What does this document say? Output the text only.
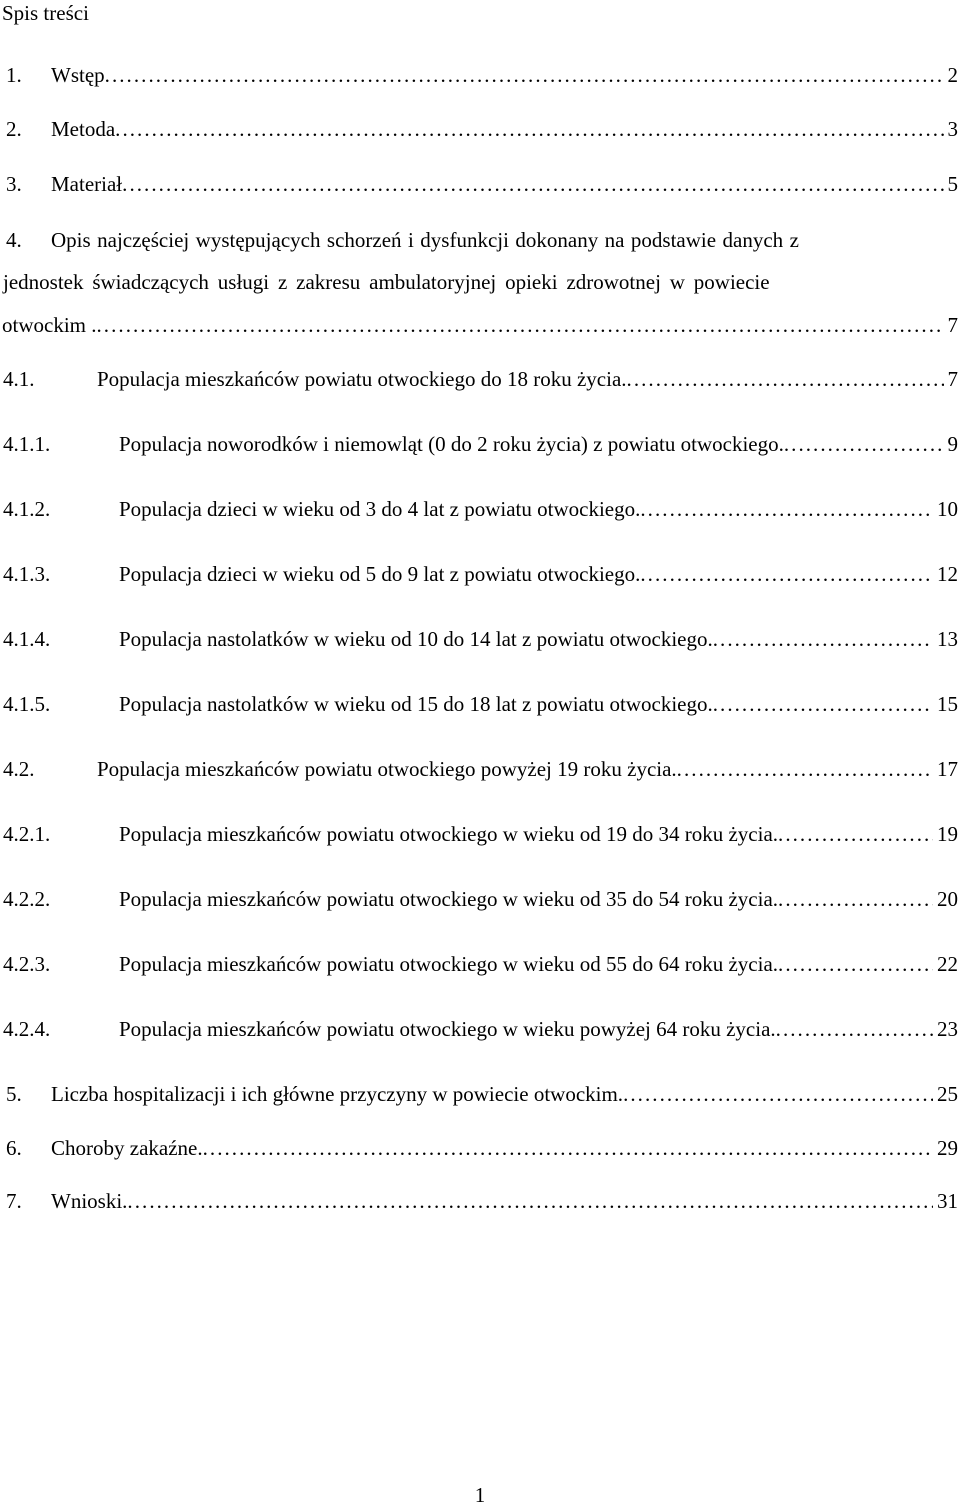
Spis treści
1. Wstęp . . .	2
2. Metoda . . .	3
3. Materiał . . .	5
4. Opis najczęściej występujących schorzeń i dysfunkcji dokonany na podstawie danych z
jednostek świadczących usługi z zakresu ambulatoryjnej opieki zdrowotnej w powiecie
otwockim . . . .	7
4.1.	Populacja mieszkańców powiatu otwockiego do 18 roku życia. . . .	7
4.1.1.	Populacja noworodków i niemowląt (0 do 2 roku życia) z powiatu otwockiego. . . .	9
4.1.2.	Populacja dzieci w wieku od 3 do 4 lat z powiatu otwockiego. . . .	10
4.1.3.	Populacja dzieci w wieku od 5 do 9 lat z powiatu otwockiego. . . .	12
4.1.4.	Populacja nastolatków w wieku od 10 do 14 lat z powiatu otwockiego. . . .	13
4.1.5.	Populacja nastolatków w wieku od 15 do 18 lat z powiatu otwockiego. . . .	15
4.2.	Populacja mieszkańców powiatu otwockiego powyżej 19 roku życia. . . .	17
4.2.1.	Populacja mieszkańców powiatu otwockiego w wieku od 19 do 34 roku życia. . . .	19
4.2.2.	Populacja mieszkańców powiatu otwockiego w wieku od 35 do 54 roku życia. . . .	20
4.2.3.	Populacja mieszkańców powiatu otwockiego w wieku od 55 do 64 roku życia. . . .	22
4.2.4.	Populacja mieszkańców powiatu otwockiego w wieku powyżej 64 roku życia. . . .	23
5. Liczba hospitalizacji i ich główne przyczyny w powiecie otwockim. . . .	25
6. Choroby zakaźne. . . .	29
7. Wnioski. . . .	31
1
